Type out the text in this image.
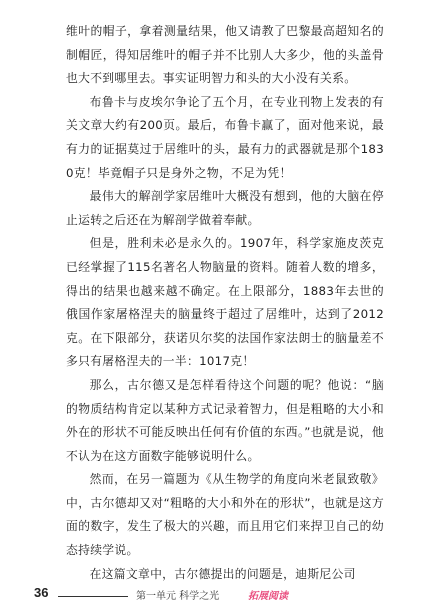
维叶的帽子，拿着测量结果，他又请教了巴黎最高超知名的制帽匠，得知居维叶的帽子并不比别人大多少，他的头盖骨也大不到哪里去。事实证明智力和头的大小没有关系。

布鲁卡与皮埃尔争论了五个月，在专业刊物上发表的有关文章大约有200页。最后，布鲁卡赢了，面对他来说，最有力的证据莫过于居维叶的头，最有力的武器就是那个1830克！毕竟帽子只是身外之物，不足为凭！

最伟大的解剖学家居维叶大概没有想到，他的大脑在停止运转之后还在为解剖学做着奉献。

但是，胜利未必是永久的。1907年，科学家施皮茨克已经掌握了115名著名人物脑量的资料。随着人数的增多，得出的结果也越来越不确定。在上限部分，1883年去世的俄国作家屠格涅夫的脑量终于超过了居维叶，达到了2012克。在下限部分，获诺贝尔奖的法国作家法朗士的脑量差不多只有屠格涅夫的一半：1017克！

那么，古尔德又是怎样看待这个问题的呢？他说：“脑的物质结构肯定以某种方式记录着智力，但是粗略的大小和外在的形状不可能反映出任何有价值的东西。”也就是说，他不认为在这方面数字能够说明什么。

然而，在另一篇题为《从生物学的角度向米老鼠致敬》中，古尔德却又对“粗略的大小和外在的形状”，也就是这方面的数字，发生了极大的兴趣，而且用它们来捍卫自己的幼态持续学说。

在这篇文章中，古尔德提出的问题是，迪斯尼公司

36	第一单元 科学之光	拓展阅读
